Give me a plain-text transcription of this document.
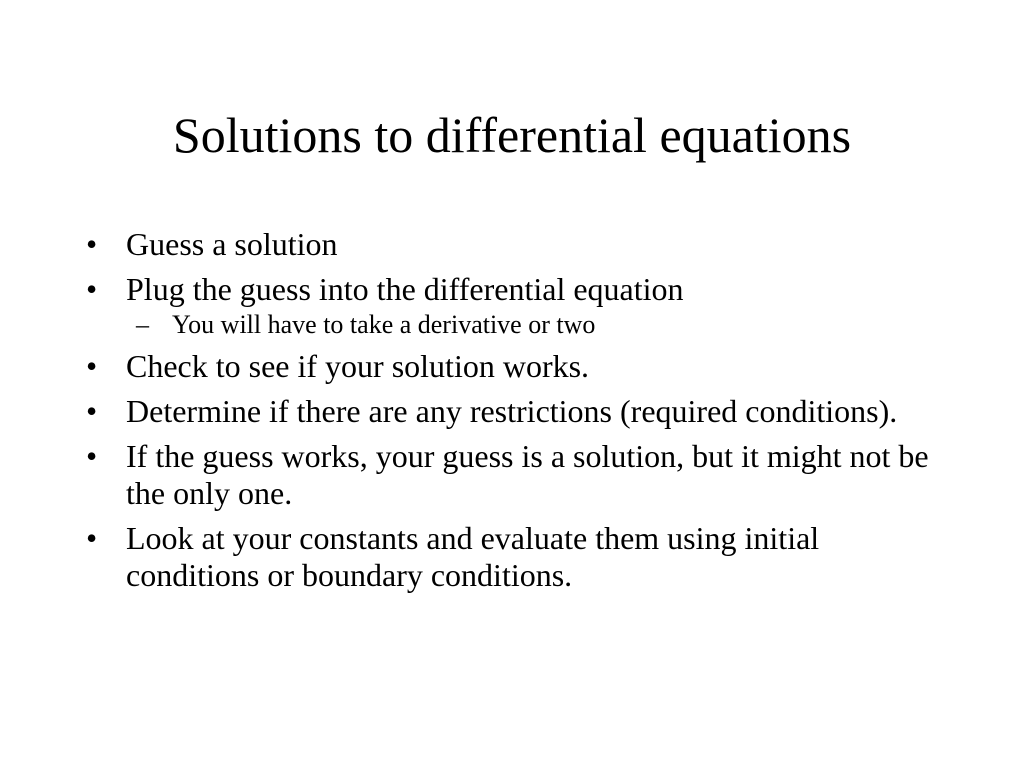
Solutions to differential equations
• Guess a solution
• Plug the guess into the differential equation
– You will have to take a derivative or two
• Check to see if your solution works.
• Determine if there are any restrictions (required conditions).
• If the guess works, your guess is a solution, but it might not be the only one.
• Look at your constants and evaluate them using initial conditions or boundary conditions.
